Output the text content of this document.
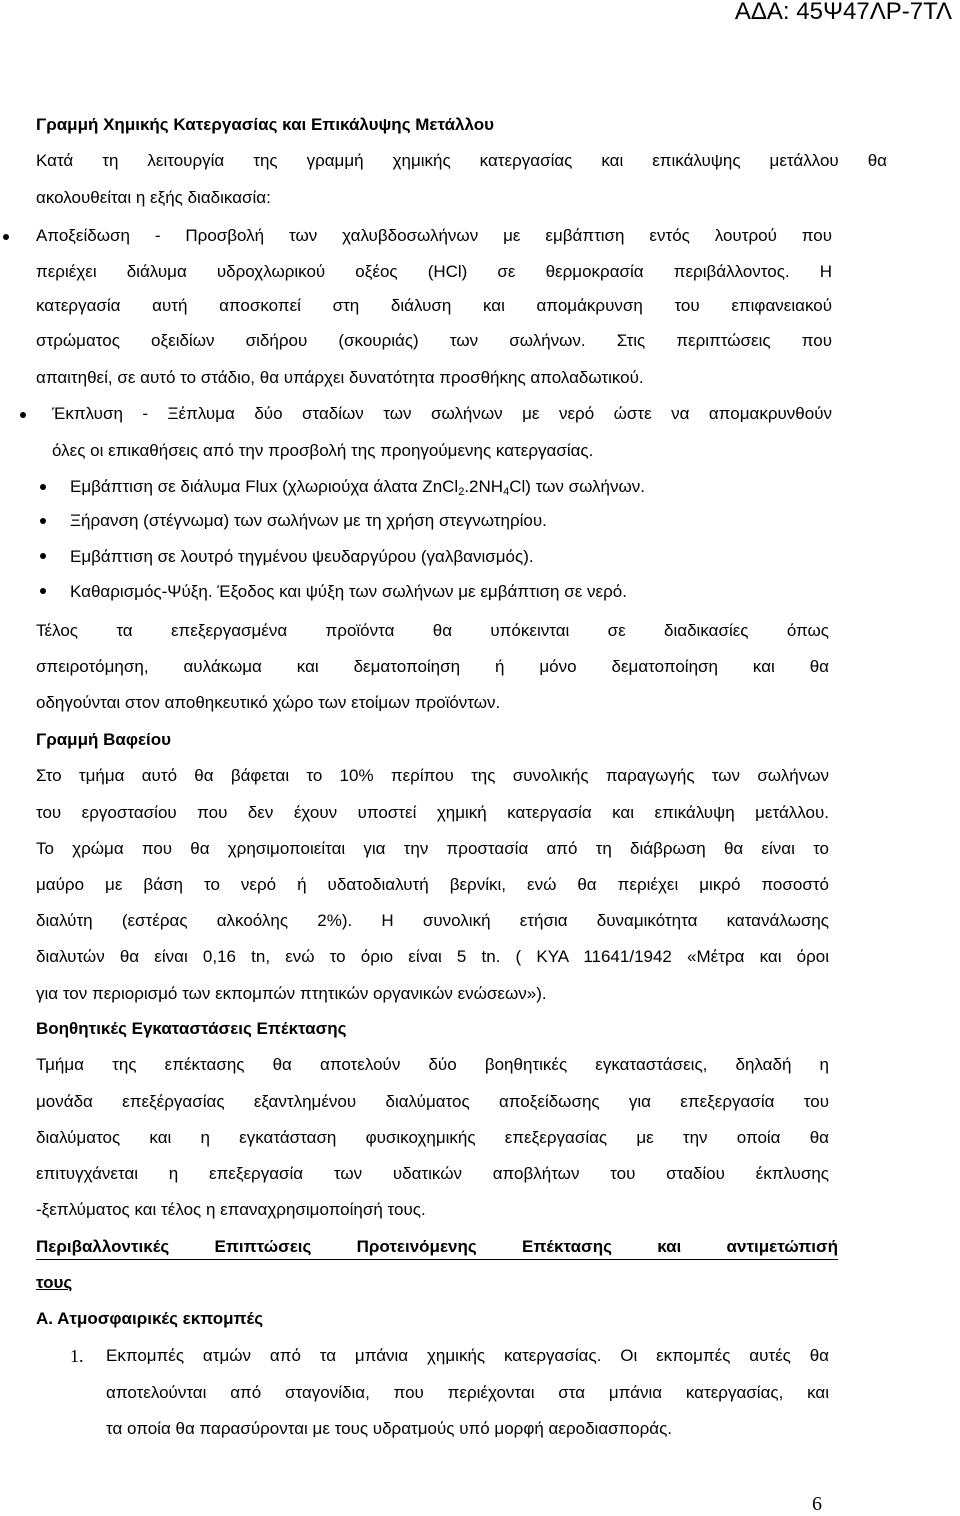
ΑΔΑ: 45Ψ47ΛΡ-7ΤΛ
Γραμμή Χημικής Κατεργασίας και Επικάλυψης Μετάλλου
Κατά τη λειτουργία της γραμμή χημικής κατεργασίας και επικάλυψης μετάλλου θα
ακολουθείται η εξής διαδικασία:
Αποξείδωση - Προσβολή των χαλυβδοσωλήνων με εμβάπτιση εντός λουτρού που
περιέχει διάλυμα υδροχλωρικού οξέος (HCl) σε θερμοκρασία περιβάλλοντος. Η
κατεργασία αυτή αποσκοπεί στη διάλυση και απομάκρυνση του επιφανειακού
στρώματος οξειδίων σιδήρου (σκουριάς) των σωλήνων. Στις περιπτώσεις που
απαιτηθεί, σε αυτό το στάδιο, θα υπάρχει δυνατότητα προσθήκης απολαδωτικού.
Έκπλυση - Ξέπλυμα δύο σταδίων των σωλήνων με νερό ώστε να απομακρυνθούν
όλες οι επικαθήσεις από την προσβολή της προηγούμενης κατεργασίας.
Εμβάπτιση σε διάλυμα Flux (χλωριούχα άλατα $ZnCl_2.2NH_4Cl$) των σωλήνων.
Ξήρανση (στέγνωμα) των σωλήνων με τη χρήση στεγνωτηρίου.
Εμβάπτιση σε λουτρό τηγμένου ψευδαργύρου (γαλβανισμός).
Καθαρισμός-Ψύξη. Έξοδος και ψύξη των σωλήνων με εμβάπτιση σε νερό.
Τέλος τα επεξεργασμένα προϊόντα θα υπόκεινται σε διαδικασίες όπως
σπειροτόμηση, αυλάκωμα και δεματοποίηση ή μόνο δεματοποίηση και θα
οδηγούνται στον αποθηκευτικό χώρο των ετοίμων προϊόντων.
Γραμμή Βαφείου
Στο τμήμα αυτό θα βάφεται το 10% περίπου της συνολικής παραγωγής των σωλήνων
του εργοστασίου που δεν έχουν υποστεί χημική κατεργασία και επικάλυψη μετάλλου.
Το χρώμα που θα χρησιμοποιείται για την προστασία από τη διάβρωση θα είναι το
μαύρο με βάση το νερό ή υδατοδιαλυτή βερνίκι, ενώ θα περιέχει μικρό ποσοστό
διαλύτη (εστέρας αλκοόλης 2%). Η συνολική ετήσια δυναμικότητα κατανάλωσης
διαλυτών θα είναι 0,16 tn, ενώ το όριο είναι 5 tn. ( ΚΥΑ 11641/1942 «Μέτρα και όροι
για τον περιορισμό των εκπομπών πτητικών οργανικών ενώσεων»).
Βοηθητικές Εγκαταστάσεις Επέκτασης
Τμήμα της επέκτασης θα αποτελούν δύο βοηθητικές εγκαταστάσεις, δηλαδή η
μονάδα επεξέργασίας εξαντλημένου διαλύματος αποξείδωσης για επεξεργασία του
διαλύματος και η εγκατάσταση φυσικοχημικής επεξεργασίας με την οποία θα
επιτυγχάνεται η επεξεργασία των υδατικών αποβλήτων του σταδίου έκπλυσης
-ξεπλύματος και τέλος η επαναχρησιμοποίησή τους.
Περιβαλλοντικές Επιπτώσεις Προτεινόμενης Επέκτασης και αντιμετώπισή
τους
Α. Ατμοσφαιρικές εκπομπές
1. Εκπομπές ατμών από τα μπάνια χημικής κατεργασίας. Οι εκπομπές αυτές θα
αποτελούνται από σταγονίδια, που περιέχονται στα μπάνια κατεργασίας, και
τα οποία θα παρασύρονται με τους υδρατμούς υπό μορφή αεροδιασποράς.
6
